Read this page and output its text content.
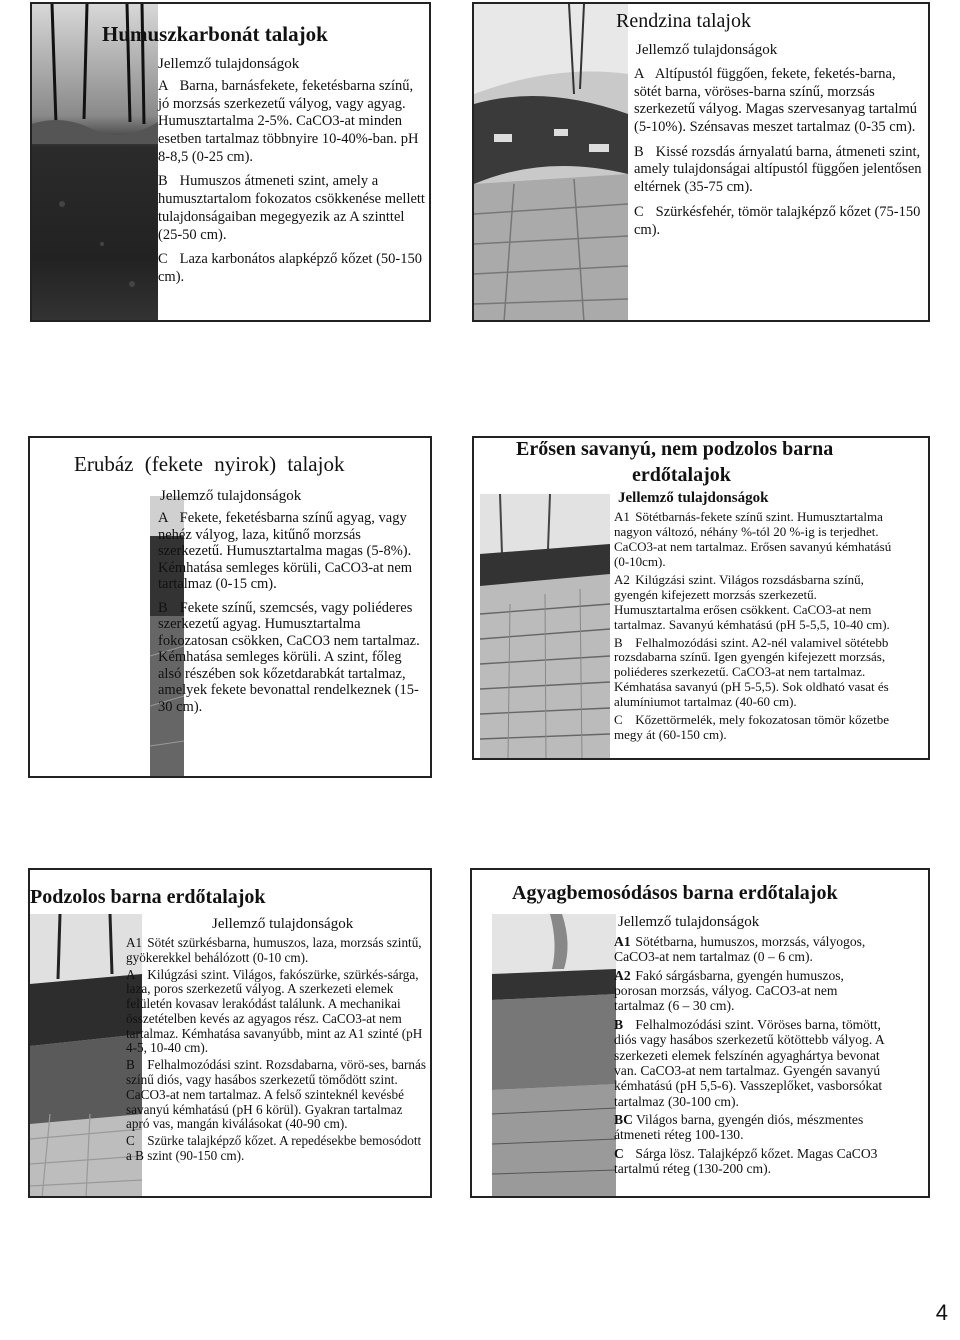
Humuszkarbonát talajok
Jellemző tulajdonságok
A Barna, barnásfekete, feketésbarna színű, jó morzsás szerkezetű vályog, vagy agyag. Humusztartalma 2-5%. CaCO3-at minden esetben tartalmaz többnyire 10-40%-ban. pH 8-8,5 (0-25 cm).
B Humuszos átmeneti szint, amely a humusztartalom fokozatos csökkenése mellett tulajdonságaiban megegyezik az A szinttel (25-50 cm).
C Laza karbonátos alapképző kőzet (50-150 cm).
Rendzina talajok
Jellemző tulajdonságok
A Altípustól függően, fekete, feketés-barna, sötét barna, vöröses-barna színű, morzsás szerkezetű vályog. Magas szervesanyag tartalmú (5-10%). Szénsavas meszet tartalmaz (0-35 cm).
B Kissé rozsdás árnyalatú barna, átmeneti szint, amely tulajdonságai altípustól függően jelentősen eltérnek (35-75 cm).
C Szürkésfehér, tömör talajképző kőzet (75-150 cm).
Erubáz (fekete nyirok) talajok
Jellemző tulajdonságok
A Fekete, feketésbarna színű agyag, vagy nehéz vályog, laza, kitűnő morzsás szerkezetű. Humusztartalma magas (5-8%). Kémhatása semleges körüli, CaCO3-at nem tartalmaz (0-15 cm).
B Fekete színű, szemcsés, vagy poliéderes szerkezetű agyag. Humusztartalma fokozatosan csökken, CaCO3 nem tartalmaz. Kémhatása semleges körüli. A szint, főleg alsó részében sok kőzetdarabkát tartalmaz, amelyek fekete bevonattal rendelkeznek (15-30 cm).
Erősen savanyú, nem podzolos barna
erdőtalajok
Jellemző tulajdonságok
A1 Sötétbarnás-fekete színű szint. Humusztartalma nagyon változó, néhány %-tól 20 %-ig is terjedhet. CaCO3-at nem tartalmaz. Erősen savanyú kémhatású (0-10cm).
A2 Kilúgzási szint. Világos rozsdásbarna színű, gyengén kifejezett morzsás szerkezetű. Humusztartalma erősen csökkent. CaCO3-at nem tartalmaz. Savanyú kémhatású (pH 5-5,5, 10-40 cm).
B Felhalmozódási szint. A2-nél valamivel sötétebb rozsdabarna színű. Igen gyengén kifejezett morzsás, poliéderes szerkezetű. CaCO3-at nem tartalmaz. Kémhatása savanyú (pH 5-5,5). Sok oldható vasat és alumíniumot tartalmaz (40-60 cm).
C Kőzettörmelék, mely fokozatosan tömör kőzetbe megy át (60-150 cm).
Podzolos barna erdőtalajok
Jellemző tulajdonságok
A1 Sötét szürkésbarna, humuszos, laza, morzsás szintű, gyökerekkel behálózott (0-10 cm).
A Kilúgzási szint. Világos, fakószürke, szürkés-sárga, laza, poros szerkezetű vályog. A szerkezeti elemek felületén kovasav lerakódást találunk. A mechanikai összetételben kevés az agyagos rész. CaCO3-at nem tartalmaz. Kémhatása savanyúbb, mint az A1 szinté (pH 4-5, 10-40 cm).
B Felhalmozódási szint. Rozsdabarna, vörö-ses, barnás színű diós, vagy hasábos szerkezetű tömődött szint. CaCO3-at nem tartalmaz. A felső szinteknél kevésbé savanyú kémhatású (pH 6 körül). Gyakran tartalmaz apró vas, mangán kiválásokat (40-90 cm).
C Szürke talajképző kőzet. A repedésekbe bemosódott a B szint (90-150 cm).
Agyagbemosódásos barna erdőtalajok
Jellemző tulajdonságok
A1 Sötétbarna, humuszos, morzsás, vályogos, CaCO3-at nem tartalmaz (0 – 6 cm).
A2 Fakó sárgásbarna, gyengén humuszos, porosan morzsás, vályog. CaCO3-at nem tartalmaz (6 – 30 cm).
B Felhalmozódási szint. Vöröses barna, tömött, diós vagy hasábos szerkezetű kötöttebb vályog. A szerkezeti elemek felszínén agyaghártya bevonat van. CaCO3-at nem tartalmaz. Gyengén savanyú kémhatású (pH 5,5-6). Vasszeplőket, vasborsókat tartalmaz (30-100 cm).
BC Világos barna, gyengén diós, mészmentes átmeneti réteg 100-130.
C Sárga lösz. Talajképző kőzet. Magas CaCO3 tartalmú réteg (130-200 cm).
4
